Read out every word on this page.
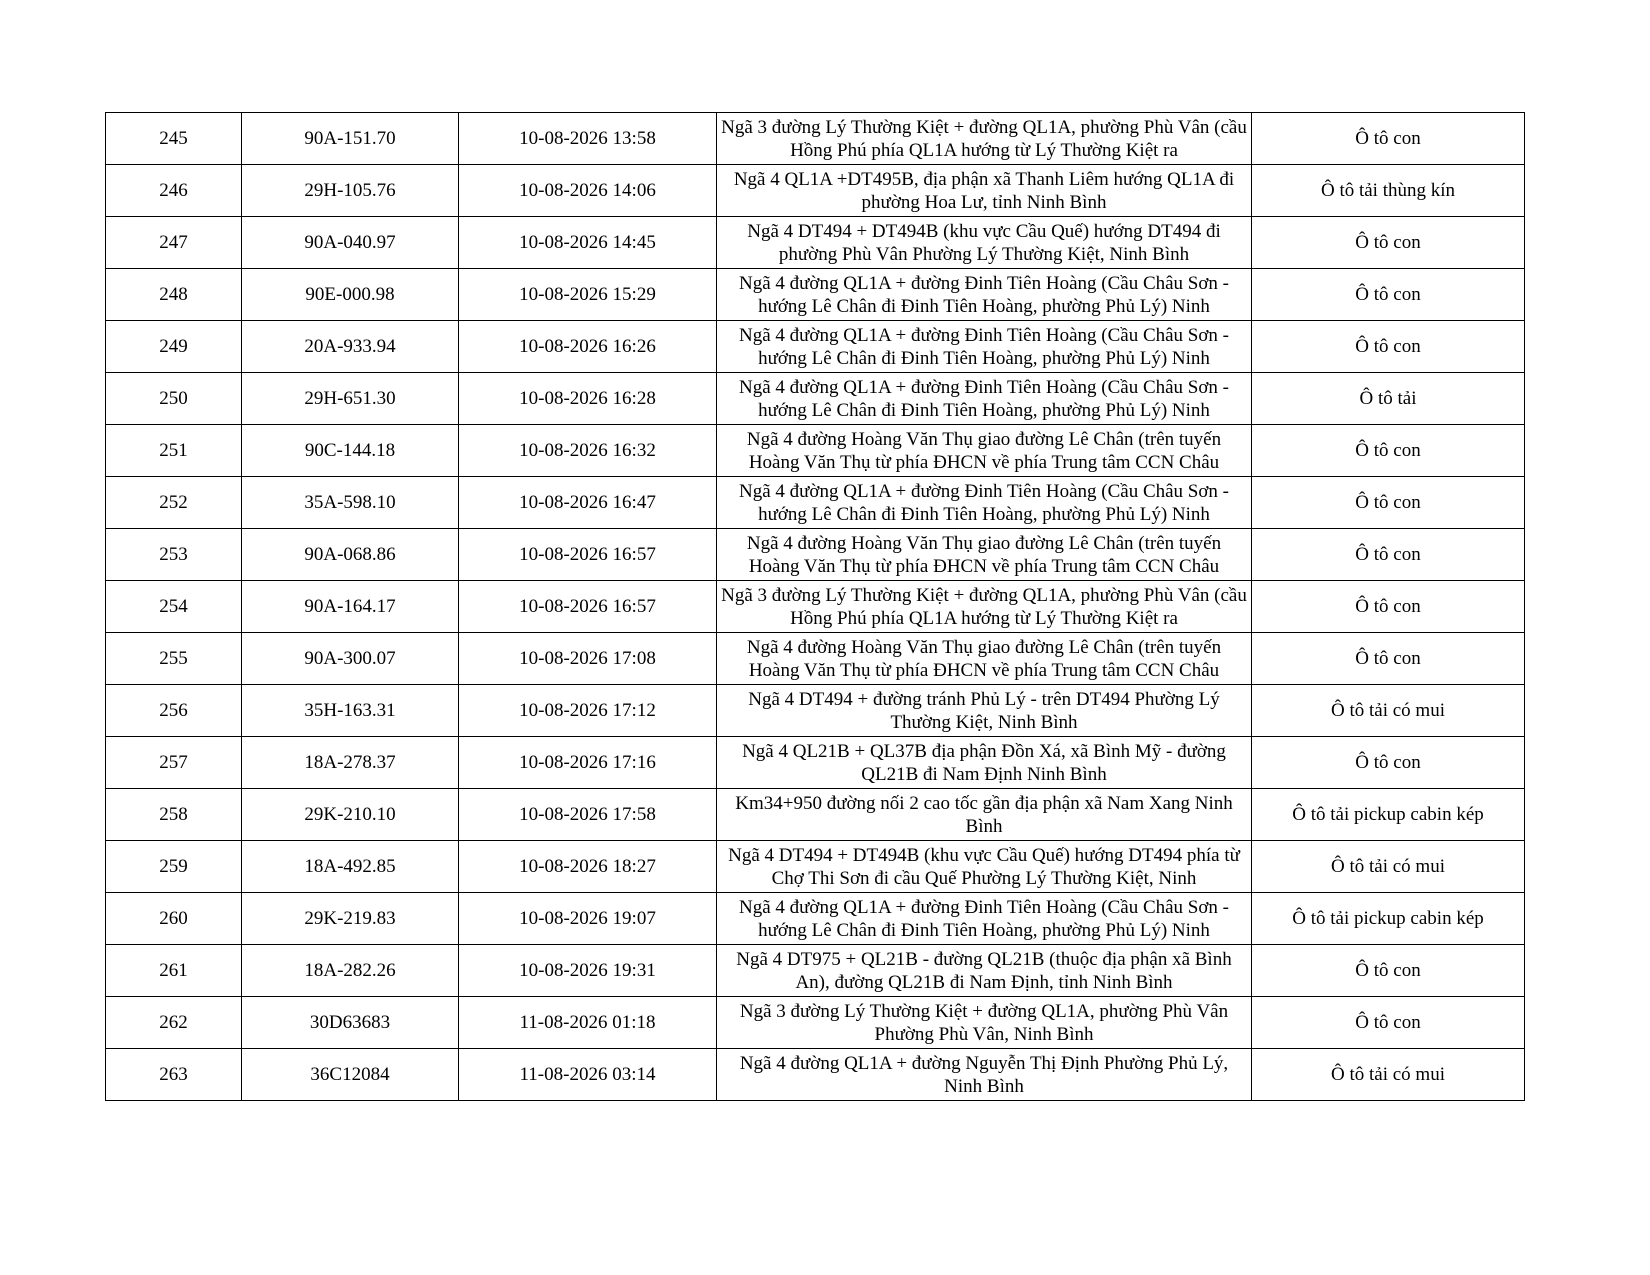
245	90A-151.70	10-08-2026 13:58	Ngã 3 đường Lý Thường Kiệt + đường QL1A, phường Phù Vân (cầu Hồng Phú phía QL1A hướng từ Lý Thường Kiệt ra	Ô tô con
246	29H-105.76	10-08-2026 14:06	Ngã 4 QL1A +DT495B, địa phận xã Thanh Liêm hướng QL1A đi phường Hoa Lư, tỉnh Ninh Bình	Ô tô tải thùng kín
247	90A-040.97	10-08-2026 14:45	Ngã 4 DT494 + DT494B (khu vực Cầu Quế) hướng DT494 đi phường Phù Vân Phường Lý Thường Kiệt, Ninh Bình	Ô tô con
248	90E-000.98	10-08-2026 15:29	Ngã 4 đường QL1A + đường Đinh Tiên Hoàng (Cầu Châu Sơn - hướng Lê Chân đi Đinh Tiên Hoàng, phường Phủ Lý) Ninh	Ô tô con
249	20A-933.94	10-08-2026 16:26	Ngã 4 đường QL1A + đường Đinh Tiên Hoàng (Cầu Châu Sơn - hướng Lê Chân đi Đinh Tiên Hoàng, phường Phủ Lý) Ninh	Ô tô con
250	29H-651.30	10-08-2026 16:28	Ngã 4 đường QL1A + đường Đinh Tiên Hoàng (Cầu Châu Sơn - hướng Lê Chân đi Đinh Tiên Hoàng, phường Phủ Lý) Ninh	Ô tô tải
251	90C-144.18	10-08-2026 16:32	Ngã 4 đường Hoàng Văn Thụ giao đường Lê Chân (trên tuyến Hoàng Văn Thụ từ phía ĐHCN về phía Trung tâm CCN Châu	Ô tô con
252	35A-598.10	10-08-2026 16:47	Ngã 4 đường QL1A + đường Đinh Tiên Hoàng (Cầu Châu Sơn - hướng Lê Chân đi Đinh Tiên Hoàng, phường Phủ Lý) Ninh	Ô tô con
253	90A-068.86	10-08-2026 16:57	Ngã 4 đường Hoàng Văn Thụ giao đường Lê Chân (trên tuyến Hoàng Văn Thụ từ phía ĐHCN về phía Trung tâm CCN Châu	Ô tô con
254	90A-164.17	10-08-2026 16:57	Ngã 3 đường Lý Thường Kiệt + đường QL1A, phường Phù Vân (cầu Hồng Phú phía QL1A hướng từ Lý Thường Kiệt ra	Ô tô con
255	90A-300.07	10-08-2026 17:08	Ngã 4 đường Hoàng Văn Thụ giao đường Lê Chân (trên tuyến Hoàng Văn Thụ từ phía ĐHCN về phía Trung tâm CCN Châu	Ô tô con
256	35H-163.31	10-08-2026 17:12	Ngã 4 DT494 + đường tránh Phủ Lý - trên DT494 Phường Lý Thường Kiệt, Ninh Bình	Ô tô tải có mui
257	18A-278.37	10-08-2026 17:16	Ngã 4 QL21B + QL37B địa phận Đồn Xá, xã Bình Mỹ - đường QL21B đi Nam Định Ninh Bình	Ô tô con
258	29K-210.10	10-08-2026 17:58	Km34+950 đường nối 2 cao tốc gần địa phận xã Nam Xang Ninh Bình	Ô tô tải pickup cabin kép
259	18A-492.85	10-08-2026 18:27	Ngã 4 DT494 + DT494B (khu vực Cầu Quế) hướng DT494 phía từ Chợ Thi Sơn đi cầu Quế Phường Lý Thường Kiệt, Ninh	Ô tô tải có mui
260	29K-219.83	10-08-2026 19:07	Ngã 4 đường QL1A + đường Đinh Tiên Hoàng (Cầu Châu Sơn - hướng Lê Chân đi Đinh Tiên Hoàng, phường Phủ Lý) Ninh	Ô tô tải pickup cabin kép
261	18A-282.26	10-08-2026 19:31	Ngã 4 DT975 + QL21B - đường QL21B (thuộc địa phận xã Bình An), đường QL21B đi Nam Định, tỉnh Ninh Bình	Ô tô con
262	30D63683	11-08-2026 01:18	Ngã 3 đường Lý Thường Kiệt + đường QL1A, phường Phù Vân Phường Phù Vân, Ninh Bình	Ô tô con
263	36C12084	11-08-2026 03:14	Ngã 4 đường QL1A + đường Nguyễn Thị Định Phường Phủ Lý, Ninh Bình	Ô tô tải có mui
